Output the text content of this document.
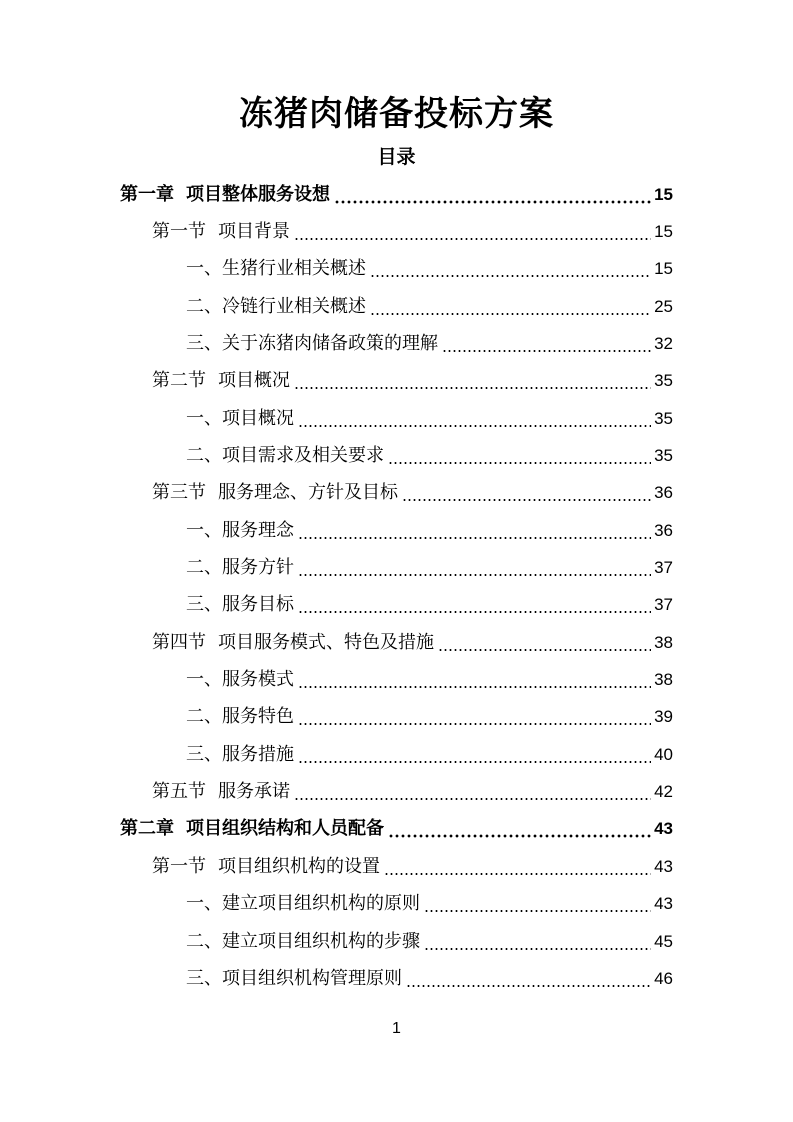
冻猪肉储备投标方案
目录
第一章 项目整体服务设想	15
第一节 项目背景	15
一、生猪行业相关概述	15
二、冷链行业相关概述	25
三、关于冻猪肉储备政策的理解	32
第二节 项目概况	35
一、项目概况	35
二、项目需求及相关要求	35
第三节 服务理念、方针及目标	36
一、服务理念	36
二、服务方针	37
三、服务目标	37
第四节 项目服务模式、特色及措施	38
一、服务模式	38
二、服务特色	39
三、服务措施	40
第五节 服务承诺	42
第二章 项目组织结构和人员配备	43
第一节 项目组织机构的设置	43
一、建立项目组织机构的原则	43
二、建立项目组织机构的步骤	45
三、项目组织机构管理原则	46
1
